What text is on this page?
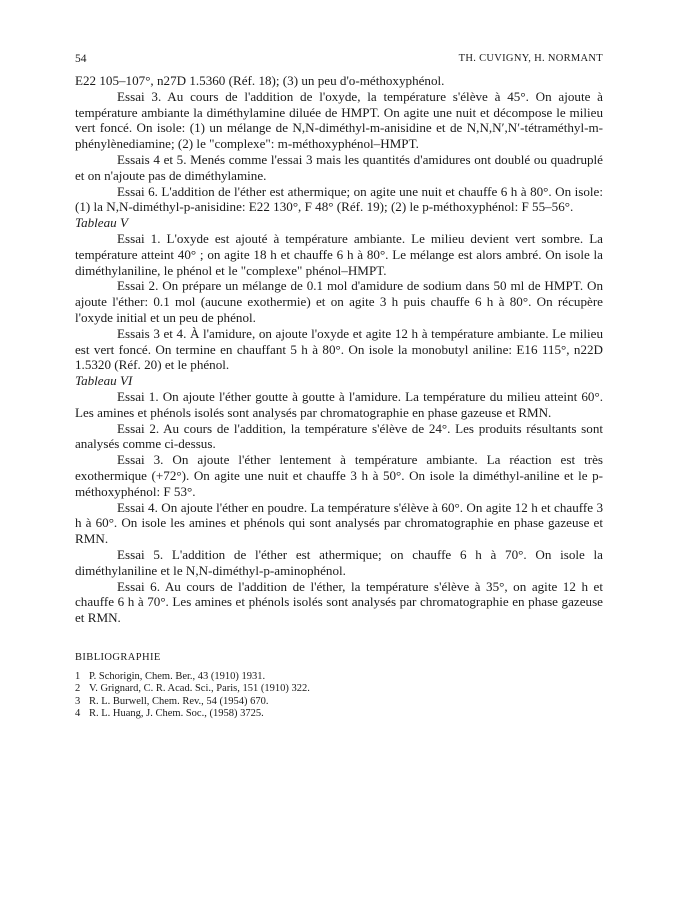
54	TH. CUVIGNY, H. NORMANT

E22 105–107°, n27D 1.5360 (Réf. 18); (3) un peu d'o-méthoxyphénol.

Essai 3. Au cours de l'addition de l'oxyde, la température s'élève à 45°. On ajoute à température ambiante la diméthylamine diluée de HMPT. On agite une nuit et décompose le milieu vert foncé. On isole: (1) un mélange de N,N-diméthyl-m-anisidine et de N,N,N′,N′-tétraméthyl-m-phénylènediamine; (2) le "complexe": m-méthoxyphénol–HMPT.

Essais 4 et 5. Menés comme l'essai 3 mais les quantités d'amidures ont doublé ou quadruplé et on n'ajoute pas de diméthylamine.

Essai 6. L'addition de l'éther est athermique; on agite une nuit et chauffe 6 h à 80°. On isole: (1) la N,N-diméthyl-p-anisidine: E22 130°, F 48° (Réf. 19); (2) le p-méthoxyphénol: F 55–56°.

Tableau V

Essai 1. L'oxyde est ajouté à température ambiante. Le milieu devient vert sombre. La température atteint 40° ; on agite 18 h et chauffe 6 h à 80°. Le mélange est alors ambré. On isole la diméthylaniline, le phénol et le "complexe" phénol–HMPT.

Essai 2. On prépare un mélange de 0.1 mol d'amidure de sodium dans 50 ml de HMPT. On ajoute l'éther: 0.1 mol (aucune exothermie) et on agite 3 h puis chauffe 6 h à 80°. On récupère l'oxyde initial et un peu de phénol.

Essais 3 et 4. À l'amidure, on ajoute l'oxyde et agite 12 h à température ambiante. Le milieu est vert foncé. On termine en chauffant 5 h à 80°. On isole la monobutyl aniline: E16 115°, n22D 1.5320 (Réf. 20) et le phénol.

Tableau VI

Essai 1. On ajoute l'éther goutte à goutte à l'amidure. La température du milieu atteint 60°. Les amines et phénols isolés sont analysés par chromatographie en phase gazeuse et RMN.

Essai 2. Au cours de l'addition, la température s'élève de 24°. Les produits résultants sont analysés comme ci-dessus.

Essai 3. On ajoute l'éther lentement à température ambiante. La réaction est très exothermique (+72°). On agite une nuit et chauffe 3 h à 50°. On isole la diméthyl-aniline et le p-méthoxyphénol: F 53°.

Essai 4. On ajoute l'éther en poudre. La température s'élève à 60°. On agite 12 h et chauffe 3 h à 60°. On isole les amines et phénols qui sont analysés par chromatographie en phase gazeuse et RMN.

Essai 5. L'addition de l'éther est athermique; on chauffe 6 h à 70°. On isole la diméthylaniline et le N,N-diméthyl-p-aminophénol.

Essai 6. Au cours de l'addition de l'éther, la température s'élève à 35°, on agite 12 h et chauffe 6 h à 70°. Les amines et phénols isolés sont analysés par chromatographie en phase gazeuse et RMN.

BIBLIOGRAPHIE
1 P. Schorigin, Chem. Ber., 43 (1910) 1931.
2 V. Grignard, C. R. Acad. Sci., Paris, 151 (1910) 322.
3 R. L. Burwell, Chem. Rev., 54 (1954) 670.
4 R. L. Huang, J. Chem. Soc., (1958) 3725.
